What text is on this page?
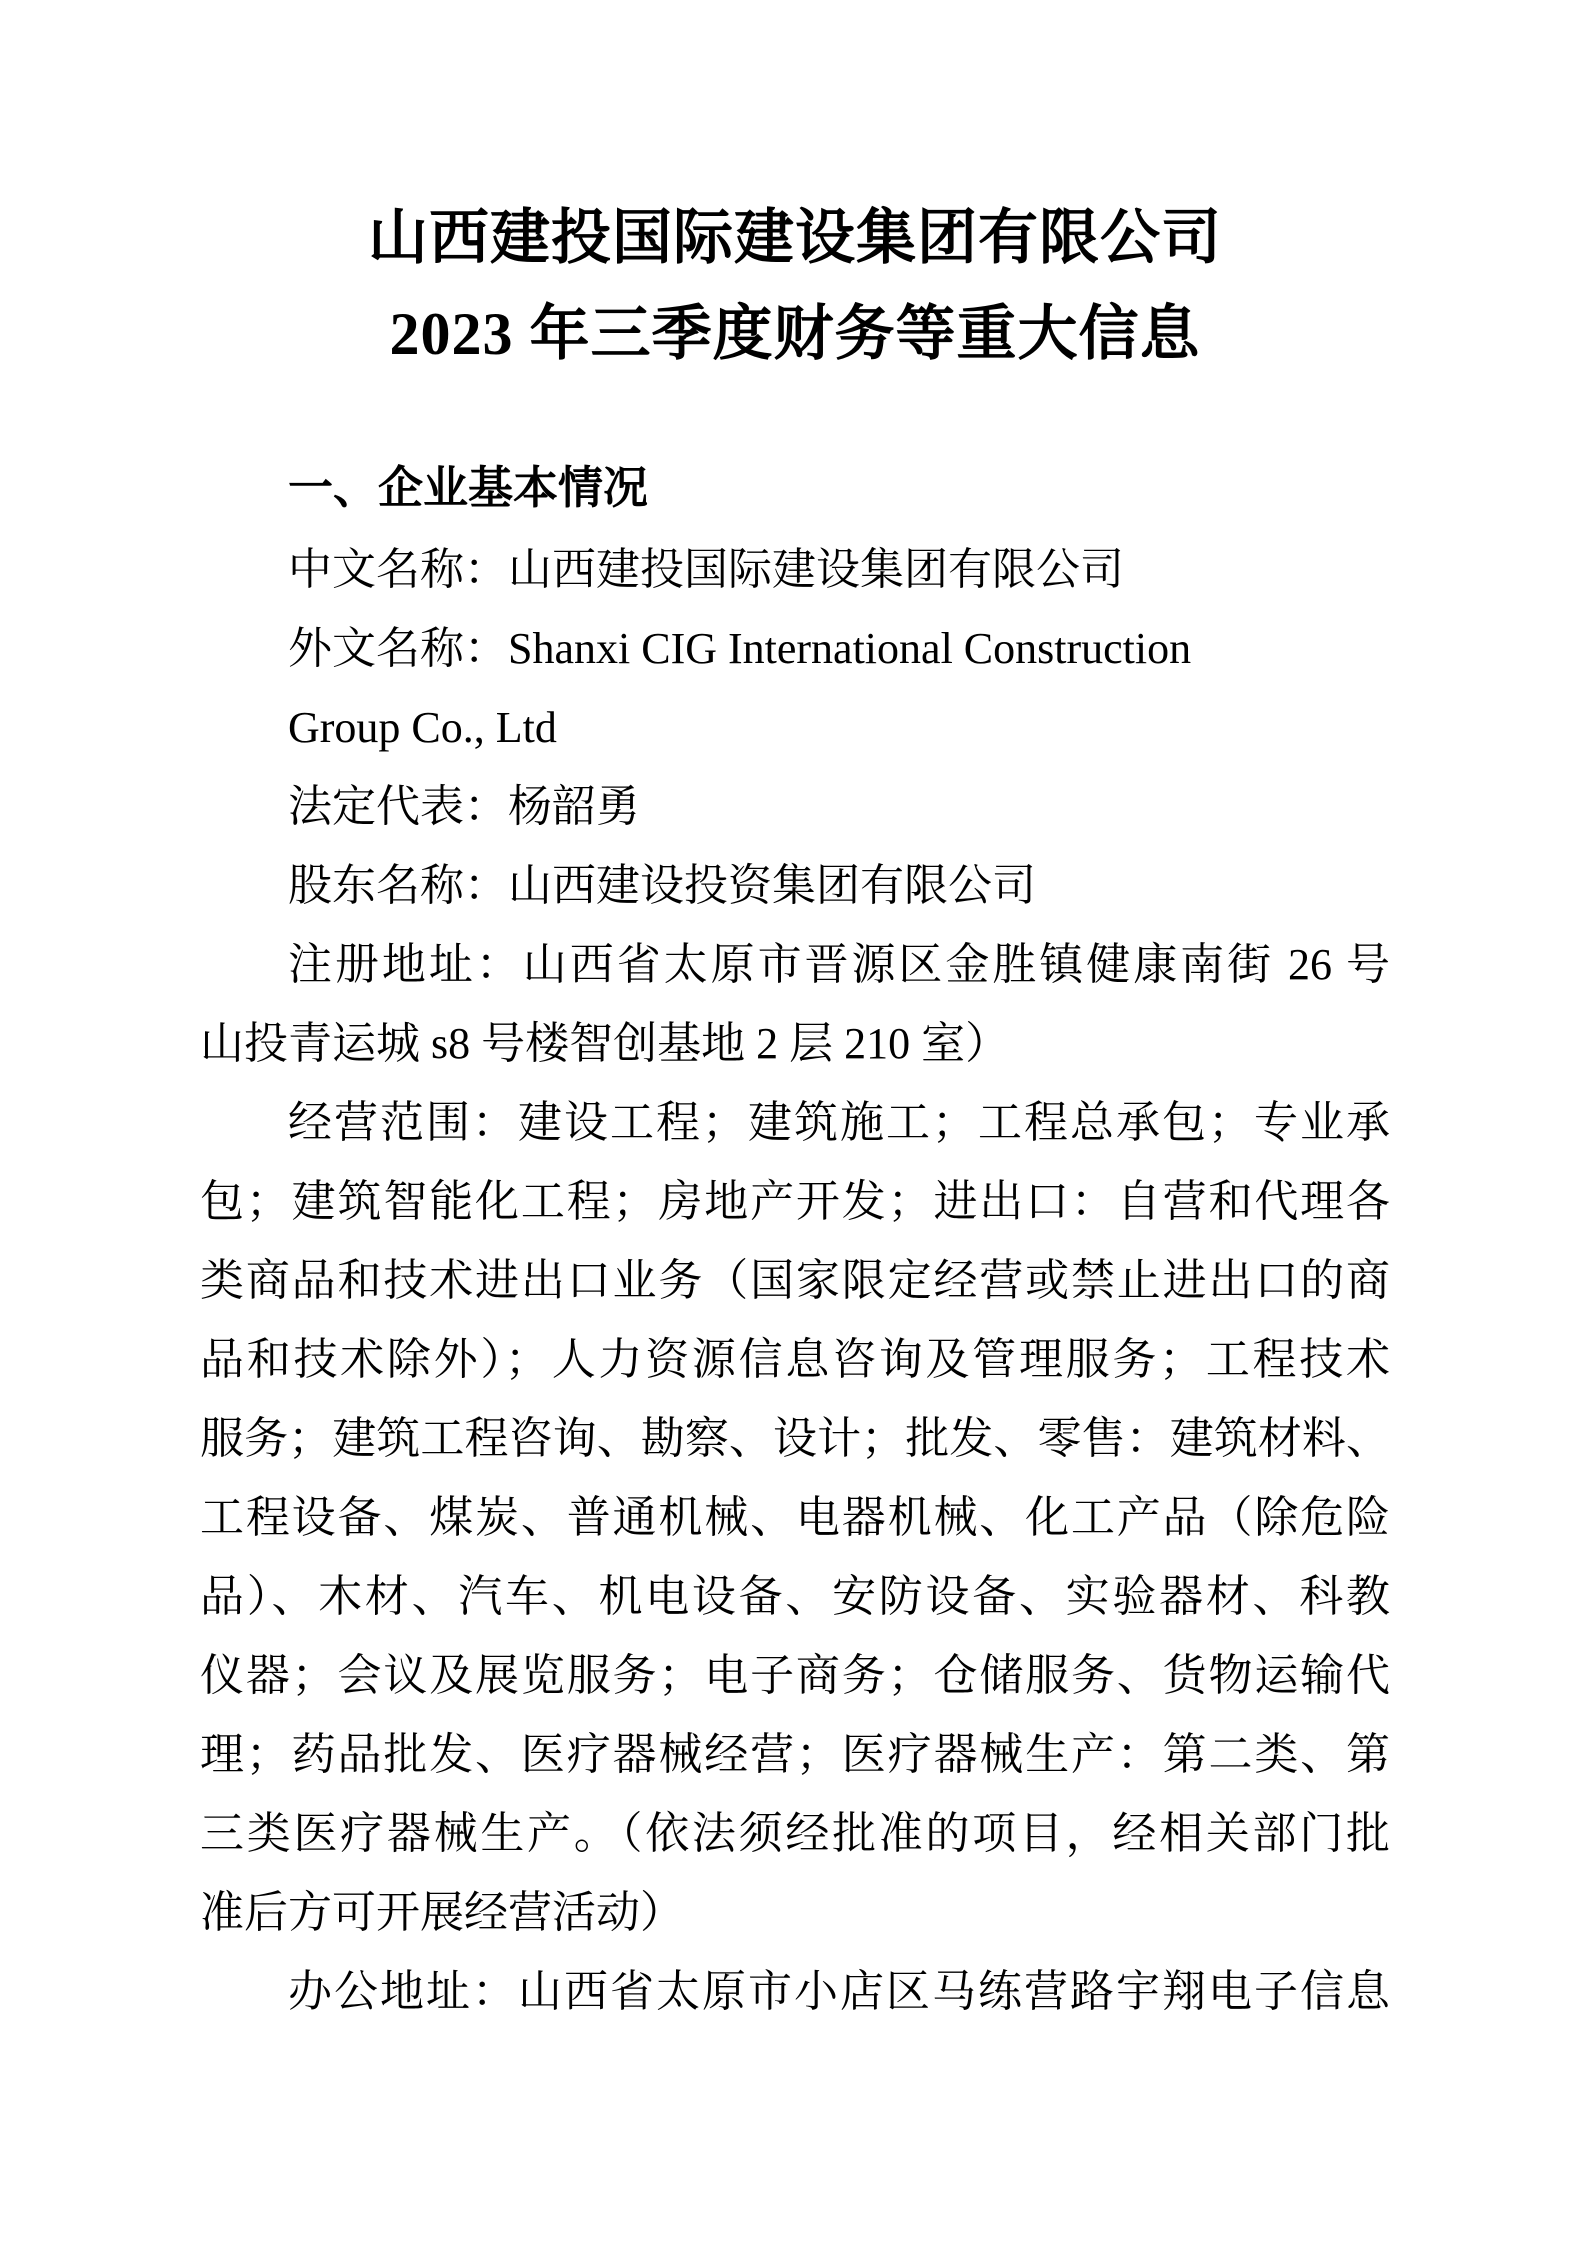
山西建投国际建设集团有限公司
2023 年三季度财务等重大信息
一、企业基本情况
中文名称：山西建投国际建设集团有限公司
外文名称：Shanxi CIG International Construction
Group Co., Ltd
法定代表：杨韶勇
股东名称：山西建设投资集团有限公司
注册地址：山西省太原市晋源区金胜镇健康南街 26 号
山投青运城 s8 号楼智创基地 2 层 210 室）
经营范围：建设工程；建筑施工；工程总承包；专业承
包；建筑智能化工程；房地产开发；进出口：自营和代理各
类商品和技术进出口业务（国家限定经营或禁止进出口的商
品和技术除外）；人力资源信息咨询及管理服务；工程技术
服务；建筑工程咨询、勘察、设计；批发、零售：建筑材料、
工程设备、煤炭、普通机械、电器机械、化工产品（除危险
品）、木材、汽车、机电设备、安防设备、实验器材、科教
仪器；会议及展览服务；电子商务；仓储服务、货物运输代
理；药品批发、医疗器械经营；医疗器械生产：第二类、第
三类医疗器械生产。（依法须经批准的项目，经相关部门批
准后方可开展经营活动）
办公地址：山西省太原市小店区马练营路宇翔电子信息
